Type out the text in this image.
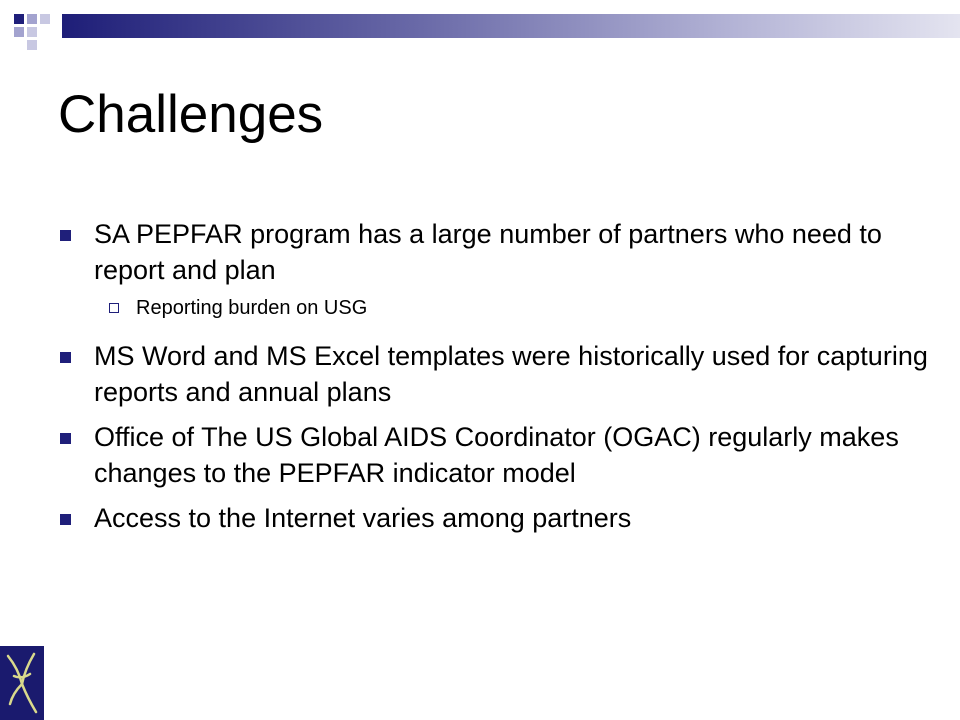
Challenges
SA PEPFAR program has a large number of partners who need to report and plan
Reporting burden on USG
MS Word and MS Excel templates were historically used for capturing reports and annual plans
Office of The US Global AIDS Coordinator (OGAC) regularly makes changes to the PEPFAR indicator model
Access to the Internet varies among partners
